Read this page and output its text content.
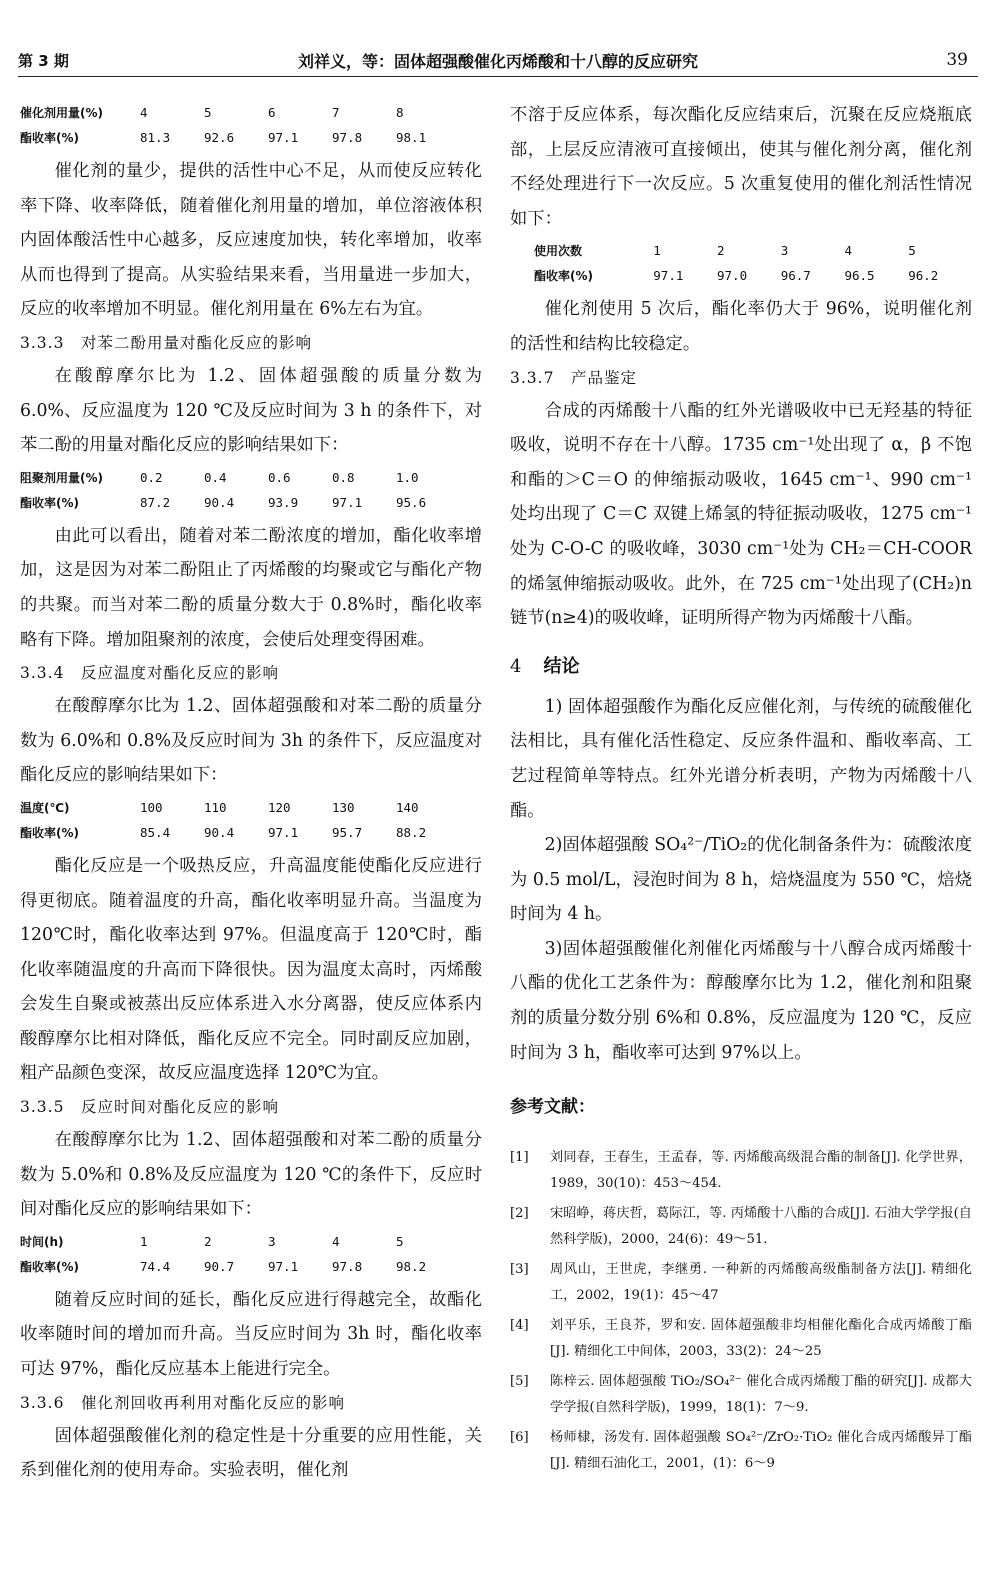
第 3 期	刘祥义，等：固体超强酸催化丙烯酸和十八醇的反应研究	39
催化剂用量(%)	4	5	6	7	8
酯收率(%)	81.3	92.6	97.1	97.8	98.1

催化剂的量少，提供的活性中心不足，从而使反应转化率下降、收率降低，随着催化剂用量的增加，单位溶液体积内固体酸活性中心越多，反应速度加快，转化率增加，收率从而也得到了提高。从实验结果来看，当用量进一步加大，反应的收率增加不明显。催化剂用量在 6%左右为宜。

3.3.3　对苯二酚用量对酯化反应的影响

在酸醇摩尔比为 1.2、固体超强酸的质量分数为 6.0%、反应温度为 120 ℃及反应时间为 3 h 的条件下，对苯二酚的用量对酯化反应的影响结果如下：

阻聚剂用量(%)	0.2	0.4	0.6	0.8	1.0
酯收率(%)	87.2	90.4	93.9	97.1	95.6

由此可以看出，随着对苯二酚浓度的增加，酯化收率增加，这是因为对苯二酚阻止了丙烯酸的均聚或它与酯化产物的共聚。而当对苯二酚的质量分数大于 0.8%时，酯化收率略有下降。增加阻聚剂的浓度，会使后处理变得困难。

3.3.4　反应温度对酯化反应的影响

在酸醇摩尔比为 1.2、固体超强酸和对苯二酚的质量分数为 6.0%和 0.8%及反应时间为 3h 的条件下，反应温度对酯化反应的影响结果如下：

温度(℃)	100	110	120	130	140
酯收率(%)	85.4	90.4	97.1	95.7	88.2

酯化反应是一个吸热反应，升高温度能使酯化反应进行得更彻底。随着温度的升高，酯化收率明显升高。当温度为 120℃时，酯化收率达到 97%。但温度高于 120℃时，酯化收率随温度的升高而下降很快。因为温度太高时，丙烯酸会发生自聚或被蒸出反应体系进入水分离器，使反应体系内酸醇摩尔比相对降低，酯化反应不完全。同时副反应加剧，粗产品颜色变深，故反应温度选择 120℃为宜。

3.3.5　反应时间对酯化反应的影响

在酸醇摩尔比为 1.2、固体超强酸和对苯二酚的质量分数为 5.0%和 0.8%及反应温度为 120 ℃的条件下，反应时间对酯化反应的影响结果如下：

时间(h)	1	2	3	4	5
酯收率(%)	74.4	90.7	97.1	97.8	98.2

随着反应时间的延长，酯化反应进行得越完全，故酯化收率随时间的增加而升高。当反应时间为 3h 时，酯化收率可达 97%，酯化反应基本上能进行完全。

3.3.6　催化剂回收再利用对酯化反应的影响

固体超强酸催化剂的稳定性是十分重要的应用性能，关系到催化剂的使用寿命。实验表明，催化剂

不溶于反应体系，每次酯化反应结束后，沉聚在反应烧瓶底部，上层反应清液可直接倾出，使其与催化剂分离，催化剂不经处理进行下一次反应。5 次重复使用的催化剂活性情况如下：

使用次数	1	2	3	4	5
酯收率(%)	97.1	97.0	96.7	96.5	96.2

催化剂使用 5 次后，酯化率仍大于 96%，说明催化剂的活性和结构比较稳定。

3.3.7　产品鉴定

合成的丙烯酸十八酯的红外光谱吸收中已无羟基的特征吸收，说明不存在十八醇。1735 cm⁻¹处出现了 α，β 不饱和酯的＞C＝O 的伸缩振动吸收，1645 cm⁻¹、990 cm⁻¹处均出现了 C＝C 双键上烯氢的特征振动吸收，1275 cm⁻¹ 处为 C-O-C 的吸收峰，3030 cm⁻¹处为 CH₂＝CH-COOR 的烯氢伸缩振动吸收。此外，在 725 cm⁻¹处出现了(CH₂)n 链节(n≥4)的吸收峰，证明所得产物为丙烯酸十八酯。

4 结论

1) 固体超强酸作为酯化反应催化剂，与传统的硫酸催化法相比，具有催化活性稳定、反应条件温和、酯收率高、工艺过程简单等特点。红外光谱分析表明，产物为丙烯酸十八酯。

2)固体超强酸 SO₄²⁻/TiO₂的优化制备条件为：硫酸浓度为 0.5 mol/L，浸泡时间为 8 h，焙烧温度为 550 ℃，焙烧时间为 4 h。

3)固体超强酸催化剂催化丙烯酸与十八醇合成丙烯酸十八酯的优化工艺条件为：醇酸摩尔比为 1.2，催化剂和阻聚剂的质量分数分别 6%和 0.8%，反应温度为 120 ℃，反应时间为 3 h，酯收率可达到 97%以上。

参考文献：
[1]	刘同春，王春生，王孟春，等. 丙烯酸高级混合酯的制备[J]. 化学世界，1989，30(10)：453～454.
[2]	宋昭峥，蒋庆哲，葛际江，等. 丙烯酸十八酯的合成[J]. 石油大学学报(自然科学版)，2000，24(6)：49～51.
[3]	周风山，王世虎，李继勇. 一种新的丙烯酸高级酯制备方法[J]. 精细化工，2002，19(1)：45～47
[4]	刘平乐，王良芥，罗和安. 固体超强酸非均相催化酯化合成丙烯酸丁酯[J]. 精细化工中间体，2003，33(2)：24～25
[5]	陈梓云. 固体超强酸 TiO₂/SO₄²⁻ 催化合成丙烯酸丁酯的研究[J]. 成都大学学报(自然科学版)，1999，18(1)：7～9.
[6]	杨师棣，汤发有. 固体超强酸 SO₄²⁻/ZrO₂·TiO₂ 催化合成丙烯酸异丁酯[J]. 精细石油化工，2001，(1)：6～9
